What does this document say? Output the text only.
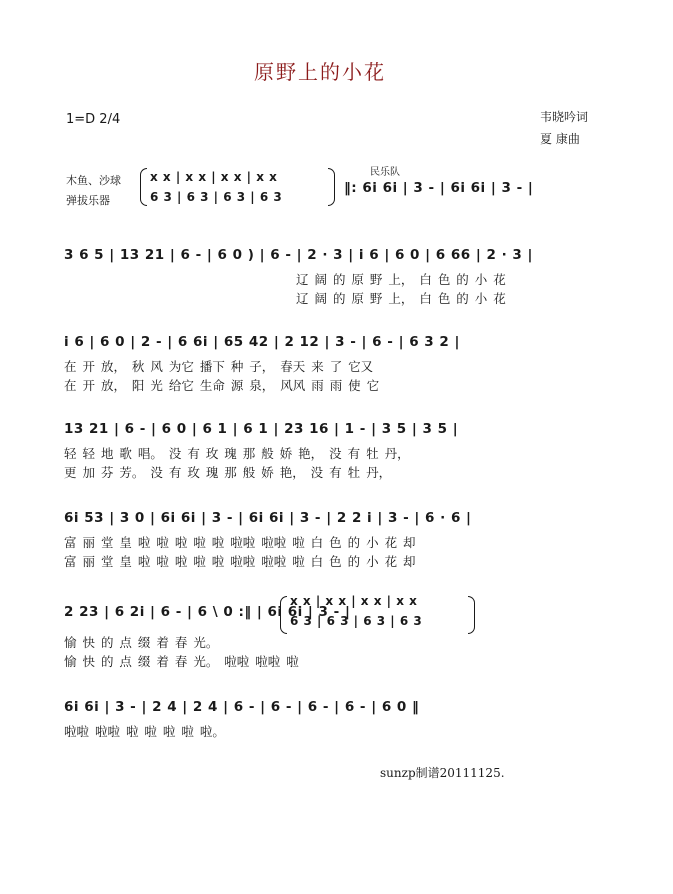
原野上的小花
1=D 2/4	韦晓吟词
夏 康曲
木鱼、沙球
弹拔乐器
x x | x x | x x | x x
6 3 | 6 3 | 6 3 | 6 3
民乐队
‖: 6i 6i | 3 - | 6i 6i | 3 - |
3 6 5 | 13 21 | 6 - | 6 0 ) | 6 - | 2 · 3 | i 6 | 6 0 | 6 66 | 2 · 3 |
辽 阔 的 原 野 上， 白 色 的 小 花
辽 阔 的 原 野 上， 白 色 的 小 花
i 6 | 6 0 | 2 - | 6 6i | 65 42 | 2 12 | 3 - | 6 - | 6 3 2 |
在 开 放， 秋 风 为它 播下 种 子， 春天 来 了 它又
在 开 放， 阳 光 给它 生命 源 泉， 风风 雨 雨 使 它
13 21 | 6 - | 6 0 | 6 1 | 6 1 | 23 16 | 1 - | 3 5 | 3 5 |
轻 轻 地 歌 唱。 没 有 玫 瑰 那 般 娇 艳， 没 有 牡 丹，
更 加 芬 芳。 没 有 玫 瑰 那 般 娇 艳， 没 有 牡 丹，
6i 53 | 3 0 | 6i 6i | 3 - | 6i 6i | 3 - | 2 2 i | 3 - | 6 · 6 |
富 丽 堂 皇 啦 啦 啦 啦 啦 啦啦 啦啦 啦 白 色 的 小 花 却
富 丽 堂 皇 啦 啦 啦 啦 啦 啦啦 啦啦 啦 白 色 的 小 花 却
2 23 | 6 2i | 6 - | 6 \ 0 :‖ | 6i 6i | 3 - |
x x | x x | x x | x x
6 3 | 6 3 | 6 3 | 6 3
愉 快 的 点 缀 着 春 光。
愉 快 的 点 缀 着 春 光。 啦啦 啦啦 啦
6i 6i | 3 - | 2 4 | 2 4 | 6 - | 6 - | 6 - | 6 - | 6 0 ‖
啦啦 啦啦 啦 啦 啦 啦 啦。
sunzp制谱20111125.
